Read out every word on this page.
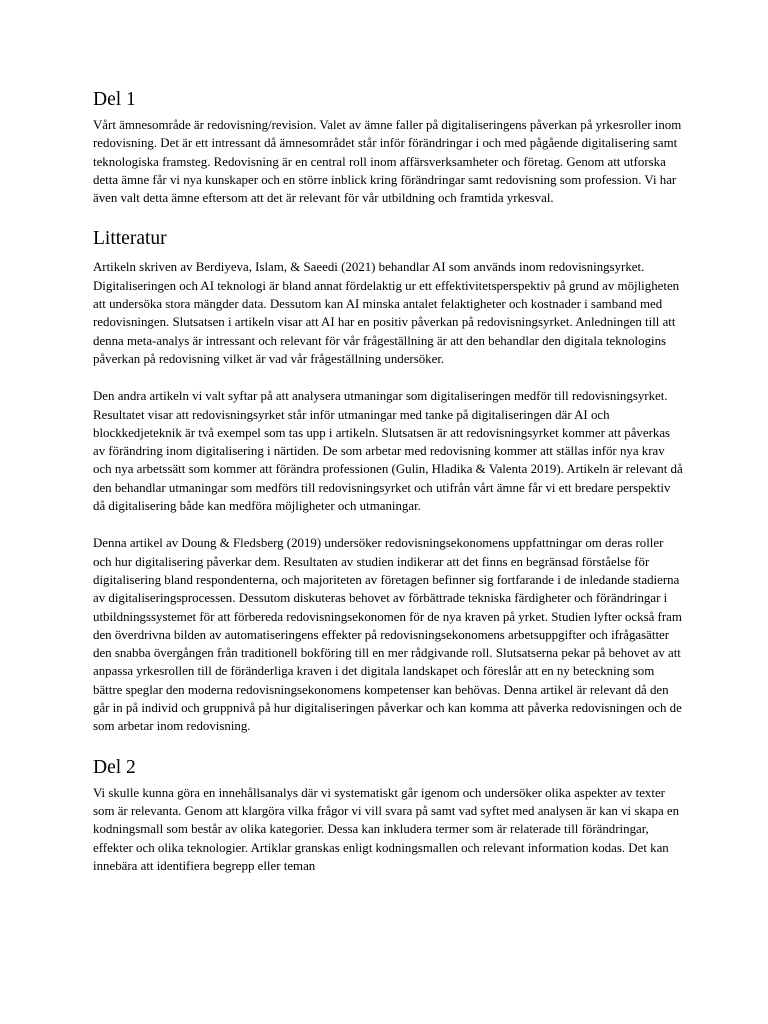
Del 1

Vårt ämnesområde är redovisning/revision. Valet av ämne faller på digitaliseringens påverkan på yrkesroller inom redovisning. Det är ett intressant då ämnesområdet står inför förändringar i och med pågående digitalisering samt teknologiska framsteg. Redovisning är en central roll inom affärsverksamheter och företag. Genom att utforska detta ämne får vi nya kunskaper och en större inblick kring förändringar samt redovisning som profession. Vi har även valt detta ämne eftersom att det är relevant för vår utbildning och framtida yrkesval.

Litteratur

Artikeln skriven av Berdiyeva, Islam, & Saeedi (2021) behandlar AI som används inom redovisningsyrket. Digitaliseringen och AI teknologi är bland annat fördelaktig ur ett effektivitetsperspektiv på grund av möjligheten att undersöka stora mängder data. Dessutom kan AI minska antalet felaktigheter och kostnader i samband med redovisningen. Slutsatsen i artikeln visar att AI har en positiv påverkan på redovisningsyrket. Anledningen till att denna meta-analys är intressant och relevant för vår frågeställning är att den behandlar den digitala teknologins påverkan på redovisning vilket är vad vår frågeställning undersöker.

Den andra artikeln vi valt syftar på att analysera utmaningar som digitaliseringen medför till redovisningsyrket. Resultatet visar att redovisningsyrket står inför utmaningar med tanke på digitaliseringen där AI och blockkedjeteknik är två exempel som tas upp i artikeln. Slutsatsen är att redovisningsyrket kommer att påverkas av förändring inom digitalisering i närtiden. De som arbetar med redovisning kommer att ställas inför nya krav och nya arbetssätt som kommer att förändra professionen (Gulin, Hladika & Valenta 2019). Artikeln är relevant då den behandlar utmaningar som medförs till redovisningsyrket och utifrån vårt ämne får vi ett bredare perspektiv då digitalisering både kan medföra möjligheter och utmaningar.

Denna artikel av Doung & Fledsberg (2019) undersöker redovisningsekonomens uppfattningar om deras roller och hur digitalisering påverkar dem. Resultaten av studien indikerar att det finns en begränsad förståelse för digitalisering bland respondenterna, och majoriteten av företagen befinner sig fortfarande i de inledande stadierna av digitaliseringsprocessen. Dessutom diskuteras behovet av förbättrade tekniska färdigheter och förändringar i utbildningssystemet för att förbereda redovisningsekonomen för de nya kraven på yrket. Studien lyfter också fram den överdrivna bilden av automatiseringens effekter på redovisningsekonomens arbetsuppgifter och ifrågasätter den snabba övergången från traditionell bokföring till en mer rådgivande roll. Slutsatserna pekar på behovet av att anpassa yrkesrollen till de föränderliga kraven i det digitala landskapet och föreslår att en ny beteckning som bättre speglar den moderna redovisningsekonomens kompetenser kan behövas. Denna artikel är relevant då den går in på individ och gruppnivå på hur digitaliseringen påverkar och kan komma att påverka redovisningen och de som arbetar inom redovisning.

Del 2

Vi skulle kunna göra en innehållsanalys där vi systematiskt går igenom och undersöker olika aspekter av texter som är relevanta. Genom att klargöra vilka frågor vi vill svara på samt vad syftet med analysen är kan vi skapa en kodningsmall som består av olika kategorier. Dessa kan inkludera termer som är relaterade till förändringar, effekter och olika teknologier. Artiklar granskas enligt kodningsmallen och relevant information kodas. Det kan innebära att identifiera begrepp eller teman
